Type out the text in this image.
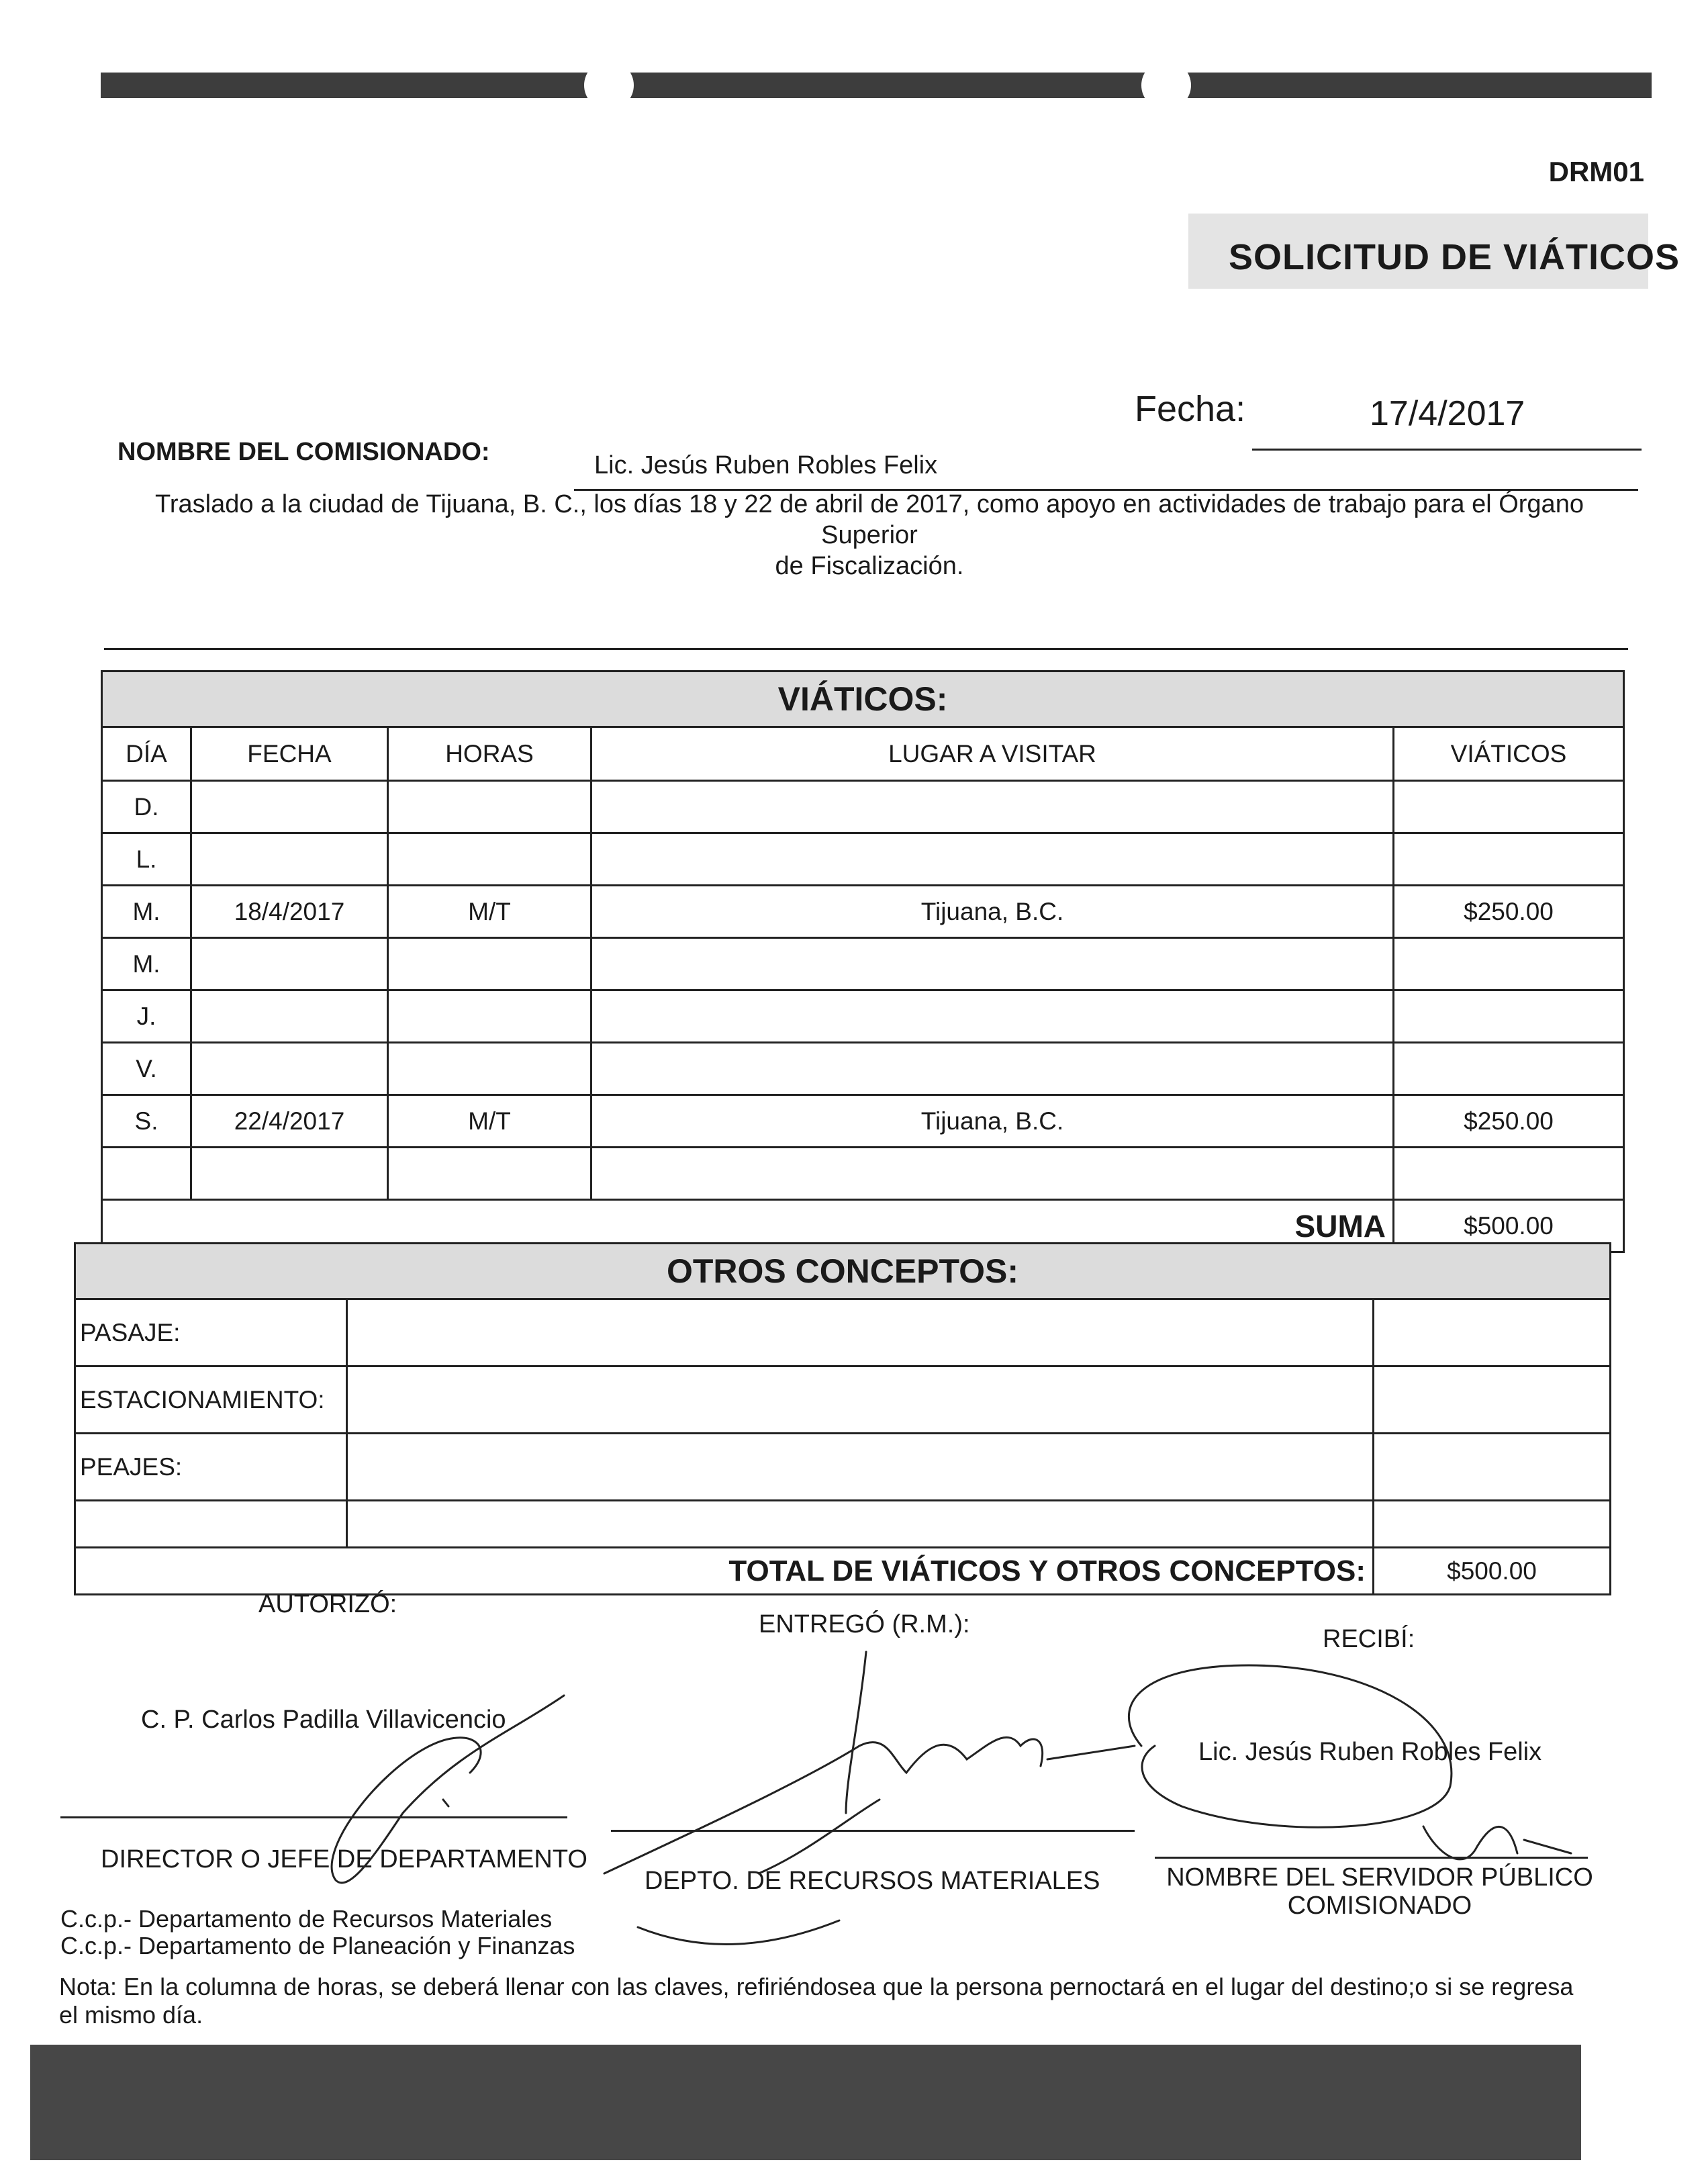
DRM01
SOLICITUD DE VIÁTICOS
Fecha:	17/4/2017
NOMBRE DEL COMISIONADO:	Lic. Jesús Ruben Robles Felix
Traslado a la ciudad de Tijuana, B. C., los días 18 y 22 de abril de 2017, como apoyo en actividades de trabajo para el Órgano Superior
de Fiscalización.
VIÁTICOS:				
DÍA	FECHA	HORAS	LUGAR A VISITAR	VIÁTICOS
D.				
L.				
M.	18/4/2017	M/T	Tijuana, B.C.	$250.00
M.				
J.				
V.				
S.	22/4/2017	M/T	Tijuana, B.C.	$250.00

SUMA				$500.00
OTROS CONCEPTOS:		
PASAJE:		
ESTACIONAMIENTO:		
PEAJES:		

TOTAL DE VIÁTICOS Y OTROS CONCEPTOS:		$500.00
AUTORIZÓ:
ENTREGÓ (R.M.):
RECIBÍ:
C. P. Carlos Padilla Villavicencio
Lic. Jesús Ruben Robles Felix
DIRECTOR O JEFE DE DEPARTAMENTO
DEPTO. DE RECURSOS MATERIALES	NOMBRE DEL SERVIDOR PÚBLICO
COMISIONADO
C.c.p.- Departamento de Recursos Materiales
C.c.p.- Departamento de Planeación y Finanzas
Nota: En la columna de horas, se deberá llenar con las claves, refiriéndosea que la persona pernoctará en el lugar del destino;o si se regresa el mismo día.
